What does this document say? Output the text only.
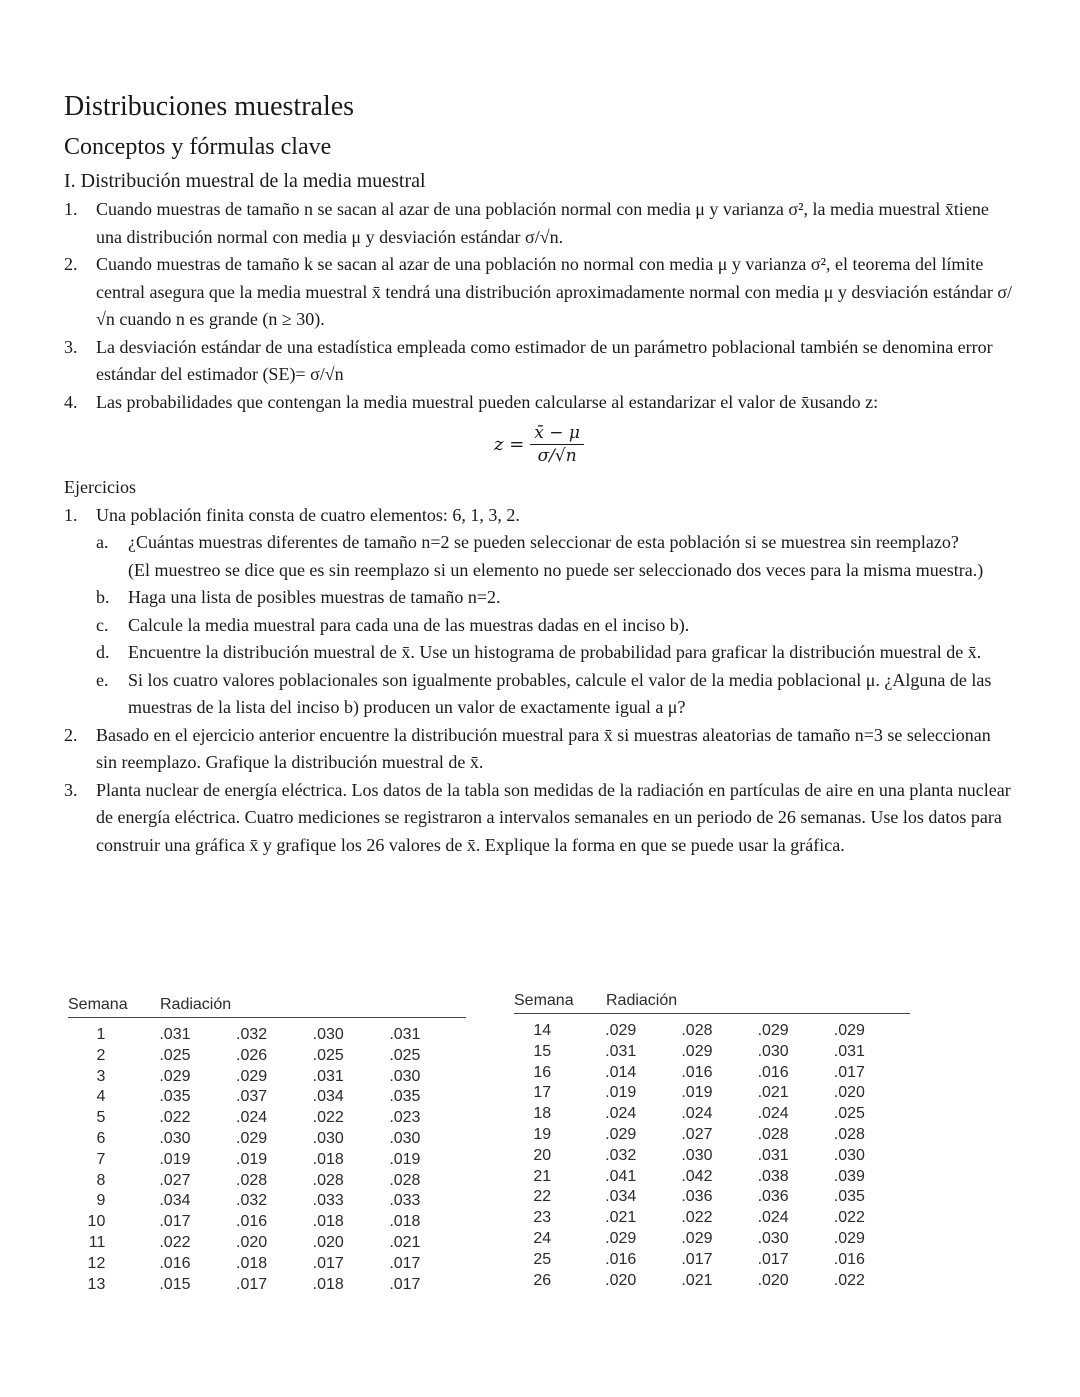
Distribuciones muestrales
Conceptos y fórmulas clave
I. Distribución muestral de la media muestral
1. Cuando muestras de tamaño n se sacan al azar de una población normal con media μ y varianza σ², la media muestral x̄tiene una distribución normal con media μ y desviación estándar σ/√n.
2. Cuando muestras de tamaño k se sacan al azar de una población no normal con media μ y varianza σ², el teorema del límite central asegura que la media muestral x̄ tendrá una distribución aproximadamente normal con media μ y desviación estándar σ/√n cuando n es grande (n ≥ 30).
3. La desviación estándar de una estadística empleada como estimador de un parámetro poblacional también se denomina error estándar del estimador (SE)= σ/√n
4. Las probabilidades que contengan la media muestral pueden calcularse al estandarizar el valor de x̄usando z:
$z = \frac{x̄ - \mu}{\sigma/√n}$
Ejercicios
1. Una población finita consta de cuatro elementos: 6, 1, 3, 2.
a. ¿Cuántas muestras diferentes de tamaño n=2 se pueden seleccionar de esta población si se muestrea sin reemplazo?
(El muestreo se dice que es sin reemplazo si un elemento no puede ser seleccionado dos veces para la misma muestra.)
b. Haga una lista de posibles muestras de tamaño n=2.
c. Calcule la media muestral para cada una de las muestras dadas en el inciso b).
d. Encuentre la distribución muestral de x̄. Use un histograma de probabilidad para graficar la distribución muestral de x̄.
e. Si los cuatro valores poblacionales son igualmente probables, calcule el valor de la media poblacional μ. ¿Alguna de las muestras de la lista del inciso b) producen un valor de exactamente igual a μ?
2. Basado en el ejercicio anterior encuentre la distribución muestral para x̄ si muestras aleatorias de tamaño n=3 se seleccionan sin reemplazo. Grafique la distribución muestral de x̄.
3. Planta nuclear de energía eléctrica. Los datos de la tabla son medidas de la radiación en partículas de aire en una planta nuclear de energía eléctrica. Cuatro mediciones se registraron a intervalos semanales en un periodo de 26 semanas. Use los datos para construir una gráfica x̄ y grafique los 26 valores de x̄. Explique la forma en que se puede usar la gráfica.
Semana	Radiación
1	.031	.032	.030	.031
2	.025	.026	.025	.025
3	.029	.029	.031	.030
4	.035	.037	.034	.035
5	.022	.024	.022	.023
6	.030	.029	.030	.030
7	.019	.019	.018	.019
8	.027	.028	.028	.028
9	.034	.032	.033	.033
10	.017	.016	.018	.018
11	.022	.020	.020	.021
12	.016	.018	.017	.017
13	.015	.017	.018	.017
Semana	Radiación
14	.029	.028	.029	.029
15	.031	.029	.030	.031
16	.014	.016	.016	.017
17	.019	.019	.021	.020
18	.024	.024	.024	.025
19	.029	.027	.028	.028
20	.032	.030	.031	.030
21	.041	.042	.038	.039
22	.034	.036	.036	.035
23	.021	.022	.024	.022
24	.029	.029	.030	.029
25	.016	.017	.017	.016
26	.020	.021	.020	.022
